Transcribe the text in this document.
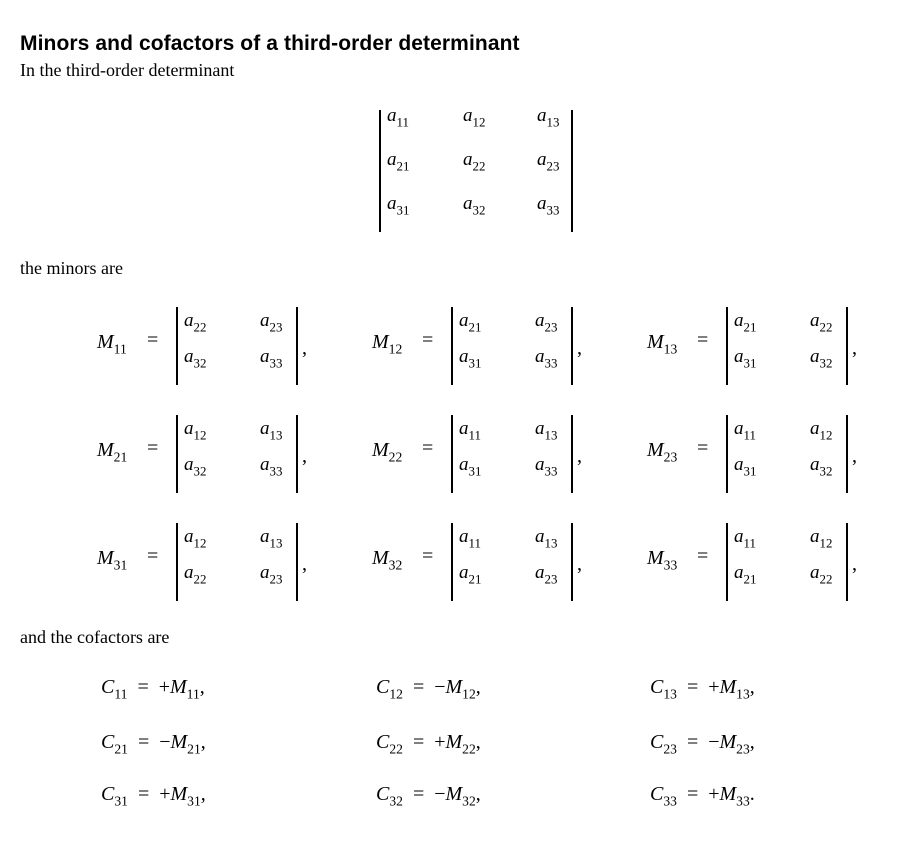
Minors and cofactors of a third-order determinant
In the third-order determinant
$a_{11}$	$a_{12}$	$a_{13}$
$a_{21}$	$a_{22}$	$a_{23}$
$a_{31}$	$a_{32}$	$a_{33}$
the minors are
$M_{11}$ =
$a_{22}$	$a_{23}$
$a_{32}$	$a_{33}$
,	$M_{12}$ =
$a_{21}$	$a_{23}$
$a_{31}$	$a_{33}$
,	$M_{13}$ =
$a_{21}$	$a_{22}$
$a_{31}$	$a_{32}$
,
$M_{21}$ =
$a_{12}$	$a_{13}$
$a_{32}$	$a_{33}$
,	$M_{22}$ =
$a_{11}$	$a_{13}$
$a_{31}$	$a_{33}$
,	$M_{23}$ =
$a_{11}$	$a_{12}$
$a_{31}$	$a_{32}$
,
$M_{31}$ =
$a_{12}$	$a_{13}$
$a_{22}$	$a_{23}$
,	$M_{32}$ =
$a_{11}$	$a_{13}$
$a_{21}$	$a_{23}$
,	$M_{33}$ =
$a_{11}$	$a_{12}$
$a_{21}$	$a_{22}$
,
and the cofactors are
$C_{11} = +M_{11}$,	$C_{12} = -M_{12}$,	$C_{13} = +M_{13}$,
$C_{21} = -M_{21}$,	$C_{22} = +M_{22}$,	$C_{23} = -M_{23}$,
$C_{31} = +M_{31}$,	$C_{32} = -M_{32}$,	$C_{33} = +M_{33}$.
